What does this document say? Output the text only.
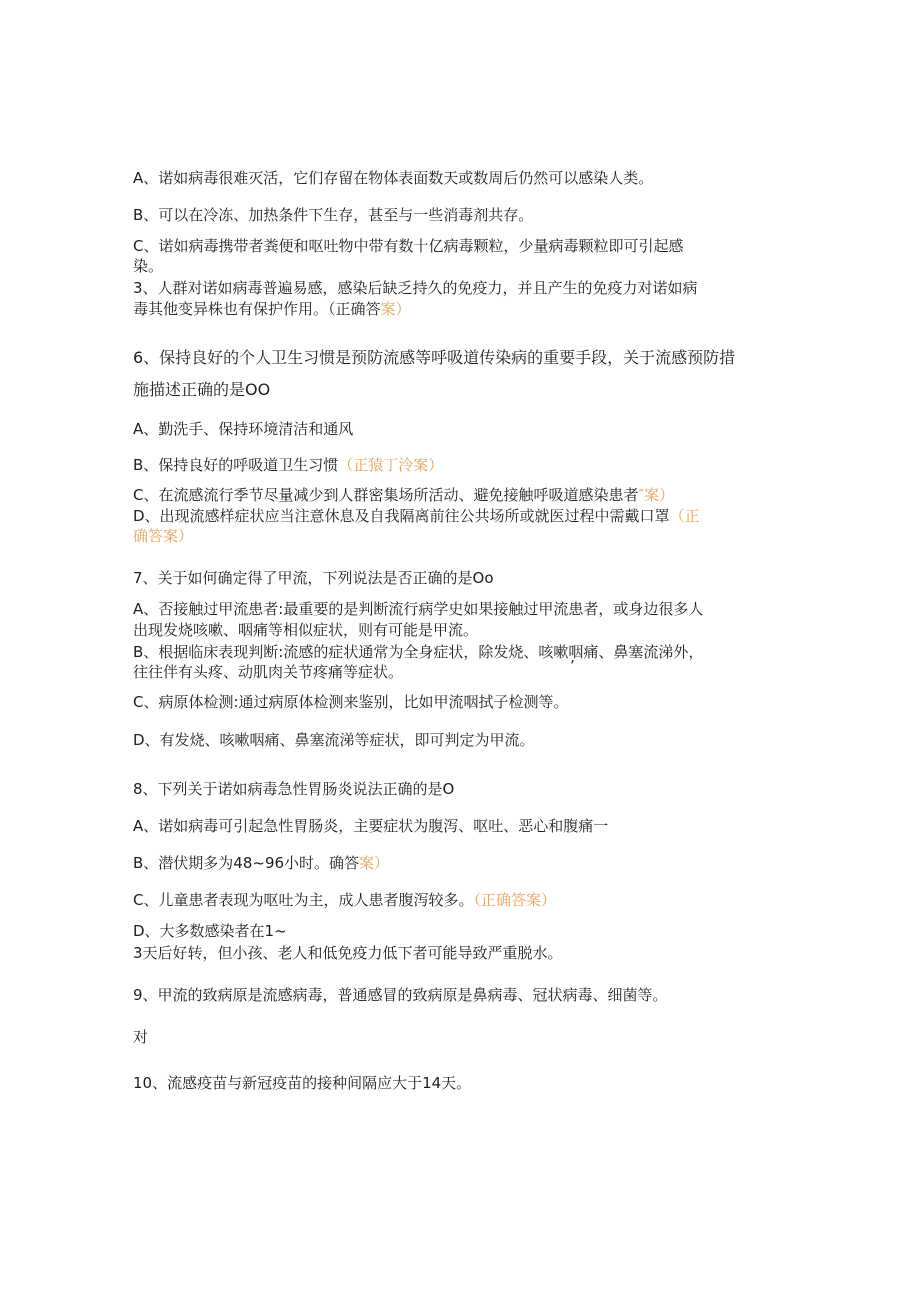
A、诺如病毒很难灭活，它们存留在物体表面数天或数周后仍然可以感染人类。
B、可以在冷冻、加热条件下生存，甚至与一些消毒剂共存。
C、诺如病毒携带者粪便和呕吐物中带有数十亿病毒颗粒，少量病毒颗粒即可引起感
染。
3、人群对诺如病毒普遍易感，感染后缺乏持久的免疫力，并且产生的免疫力对诺如病
毒其他变异株也有保护作用。（正确答案）
6、保持良好的个人卫生习惯是预防流感等呼吸道传染病的重要手段，关于流感预防措
施描述正确的是OO
A、勤洗手、保持环境清洁和通风
B、保持良好的呼吸道卫生习惯（正猿丁泠案）
C、在流感流行季节尽量减少到人群密集场所活动、避免接触呼吸道感染患者″案）
D、出现流感样症状应当注意休息及自我隔离前往公共场所或就医过程中需戴口罩（正
确答案）
7、关于如何确定得了甲流，下列说法是否正确的是Oo
A、否接触过甲流患者:最重要的是判断流行病学史如果接触过甲流患者，或身边很多人
出现发烧咳嗽、咽痛等相似症状，则有可能是甲流。
B、根据临床表现判断:流感的症状通常为全身症状，除发烧、咳嗽咽痛、鼻塞流涕外，
往往伴有头疼、动肌肉关节疼痛等症状。	’
C、病原体检测:通过病原体检测来鉴别，比如甲流咽拭子检测等。
D、有发烧、咳嗽咽痛、鼻塞流涕等症状，即可判定为甲流。
8、下列关于诺如病毒急性胃肠炎说法正确的是O
A、诺如病毒可引起急性胃肠炎，主要症状为腹泻、呕吐、恶心和腹痛一
B、潜伏期多为48~96小时。确答案）
C、儿童患者表现为呕吐为主，成人患者腹泻较多。（正确答案）
D、大多数感染者在1~
3天后好转，但小孩、老人和低免疫力低下者可能导致严重脱水。
9、甲流的致病原是流感病毒，普通感冒的致病原是鼻病毒、冠状病毒、细菌等。
对
10、流感疫苗与新冠疫苗的接种间隔应大于14天。
